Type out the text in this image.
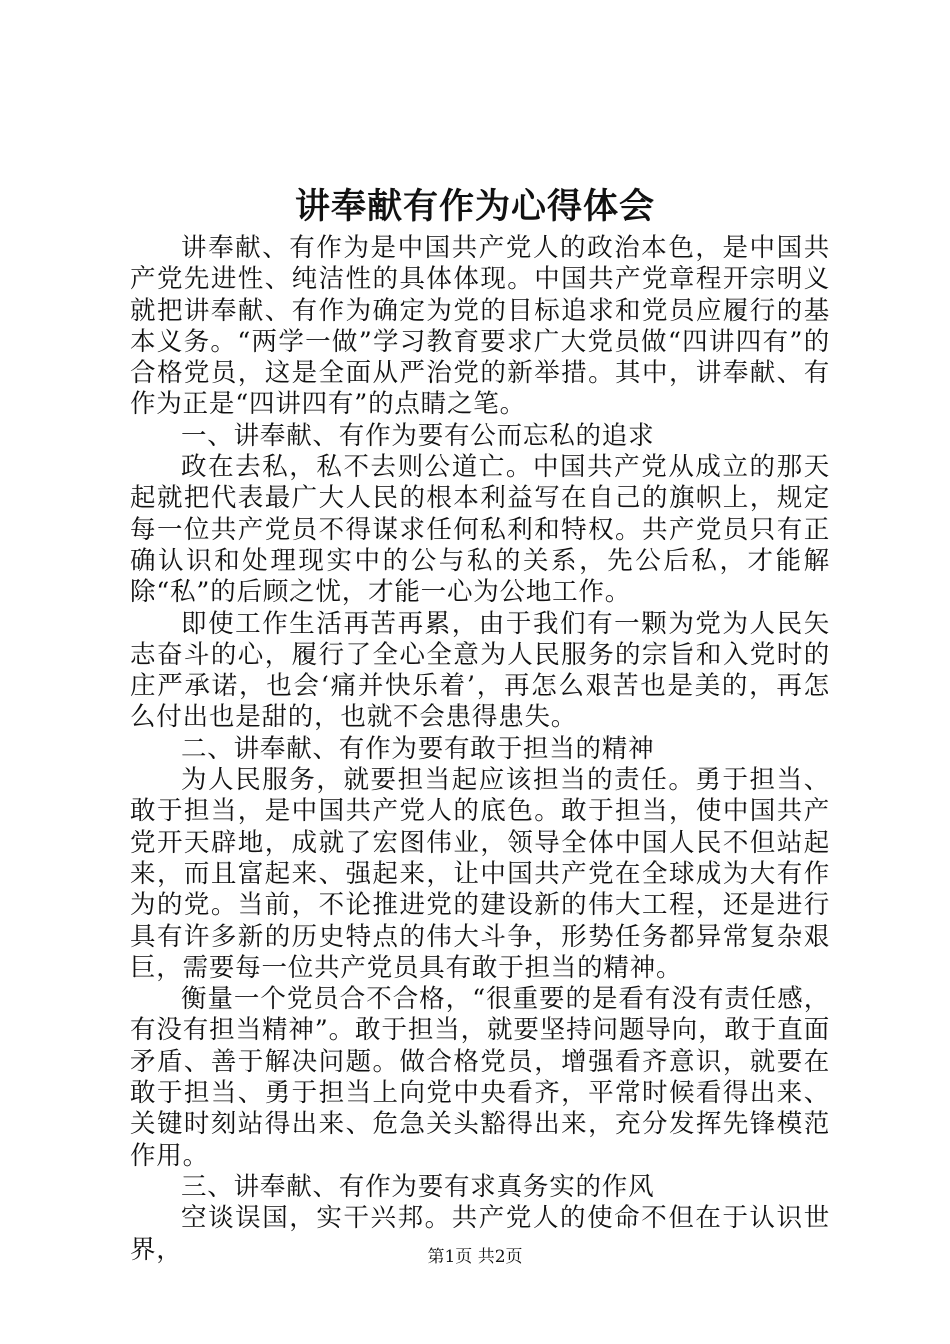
讲奉献有作为心得体会

讲奉献、有作为是中国共产党人的政治本色，是中国共产党先进性、纯洁性的具体体现。中国共产党章程开宗明义就把讲奉献、有作为确定为党的目标追求和党员应履行的基本义务。“两学一做”学习教育要求广大党员做“四讲四有”的合格党员，这是全面从严治党的新举措。其中，讲奉献、有作为正是“四讲四有”的点睛之笔。

一、讲奉献、有作为要有公而忘私的追求

政在去私，私不去则公道亡。中国共产党从成立的那天起就把代表最广大人民的根本利益写在自己的旗帜上，规定每一位共产党员不得谋求任何私利和特权。共产党员只有正确认识和处理现实中的公与私的关系，先公后私，才能解除“私”的后顾之忧，才能一心为公地工作。

即使工作生活再苦再累，由于我们有一颗为党为人民矢志奋斗的心，履行了全心全意为人民服务的宗旨和入党时的庄严承诺，也会‘痛并快乐着’，再怎么艰苦也是美的，再怎么付出也是甜的，也就不会患得患失。

二、讲奉献、有作为要有敢于担当的精神

为人民服务，就要担当起应该担当的责任。勇于担当、敢于担当，是中国共产党人的底色。敢于担当，使中国共产党开天辟地，成就了宏图伟业，领导全体中国人民不但站起来，而且富起来、强起来，让中国共产党在全球成为大有作为的党。当前，不论推进党的建设新的伟大工程，还是进行具有许多新的历史特点的伟大斗争，形势任务都异常复杂艰巨，需要每一位共产党员具有敢于担当的精神。

衡量一个党员合不合格，“很重要的是看有没有责任感，有没有担当精神”。敢于担当，就要坚持问题导向，敢于直面矛盾、善于解决问题。做合格党员，增强看齐意识，就要在敢于担当、勇于担当上向党中央看齐，平常时候看得出来、关键时刻站得出来、危急关头豁得出来，充分发挥先锋模范作用。

三、讲奉献、有作为要有求真务实的作风

空谈误国，实干兴邦。共产党人的使命不但在于认识世界，	第1页 共2页
